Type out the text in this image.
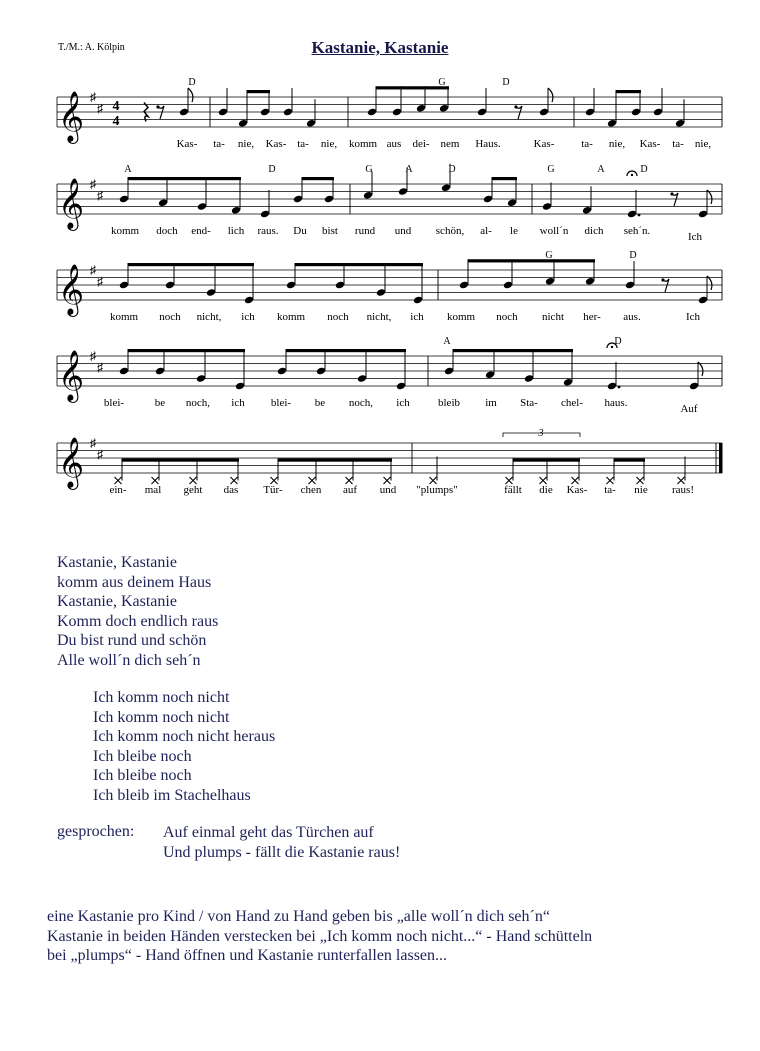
T./M.: A. Kölpin	Kastanie, Kastanie
𝄞 ♯
♯ 4
4
D	G	D
Kas- ta- nie, Kas- ta- nie, komm aus dei- nem Haus.	Kas- ta- nie, Kas- ta- nie,
𝄞 ♯
♯
A	D	G	A	D	G	A	D
komm doch end- lich raus. Du bist rund und schön, al- le woll´n dich seh´n.	Ich
𝄞 ♯
♯
G	D
komm noch nicht, ich komm noch nicht, ich komm noch nicht her- aus.	Ich
𝄞 ♯
♯
A	D
blei-	be noch, ich blei- be noch, ich	bleib im Sta- chel- haus.	Auf
𝄞 ♯
♯
3
ein- mal geht das Tür- chen auf und "plumps"	fällt die Kas- ta- nie raus!
Kastanie, Kastanie
komm aus deinem Haus
Kastanie, Kastanie
Komm doch endlich raus
Du bist rund und schön
Alle woll´n dich seh´n
Ich komm noch nicht
Ich komm noch nicht
Ich komm noch nicht heraus
Ich bleibe noch
Ich bleibe noch
Ich bleib im Stachelhaus
gesprochen: Auf einmal geht das Türchen auf
Und plumps - fällt die Kastanie raus!
eine Kastanie pro Kind / von Hand zu Hand geben bis „alle woll´n dich seh´n“
Kastanie in beiden Händen verstecken bei „Ich komm noch nicht...“ - Hand schütteln
bei „plumps“ - Hand öffnen und Kastanie runterfallen lassen...
